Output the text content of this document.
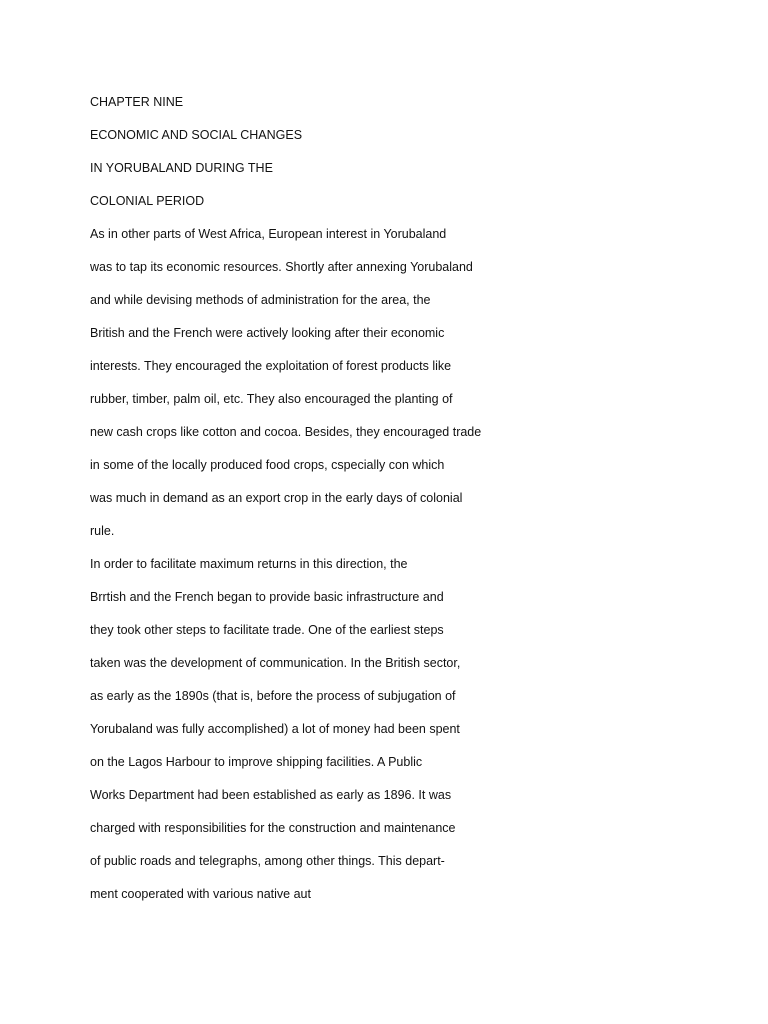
CHAPTER NINE
ECONOMIC AND SOCIAL CHANGES
IN YORUBALAND DURING THE
COLONIAL PERIOD
As in other parts of West Africa, European interest in Yorubaland
was to tap its economic resources. Shortly after annexing Yorubaland
and while devising methods of administration for the area, the
British and the French were actively looking after their economic
interests. They encouraged the exploitation of forest products like
rubber, timber, palm oil, etc. They also encouraged the planting of
new cash crops like cotton and cocoa. Besides, they encouraged trade
in some of the locally produced food crops, cspecially con which
was much in demand as an export crop in the early days of colonial
rule.
In order to facilitate maximum returns in this direction, the
Brrtish and the French began to provide basic infrastructure and
they took other steps to facilitate trade. One of the earliest steps
taken was the development of communication. In the British sector,
as early as the 1890s (that is, before the process of subjugation of
Yorubaland was fully accomplished) a lot of money had been spent
on the Lagos Harbour to improve shipping facilities. A Public
Works Department had been established as early as 1896. It was
charged with responsibilities for the construction and maintenance
of public roads and telegraphs, among other things. This depart-
ment cooperated with various native aut
